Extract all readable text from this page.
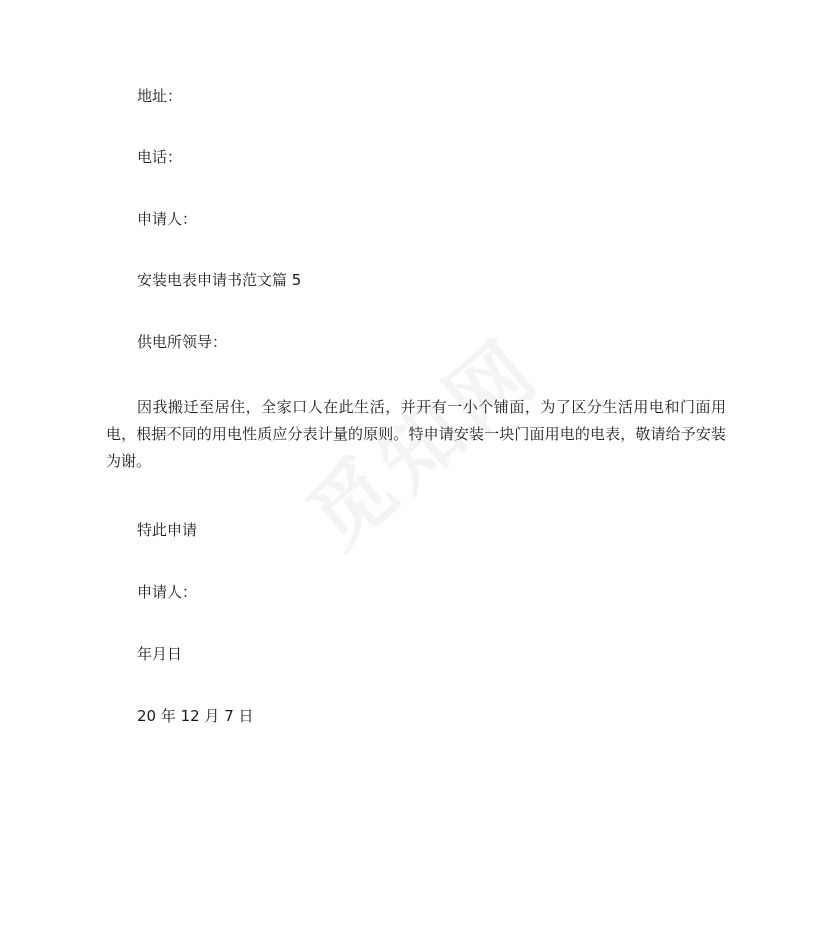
地址：
电话：
申请人：
安装电表申请书范文篇 5
供电所领导：
因我搬迁至居住，全家口人在此生活，并开有一小个铺面，为了区分生活用电和门面用电，根据不同的用电性质应分表计量的原则。特申请安装一块门面用电的电表，敬请给予安装为谢。
特此申请
申请人：
年月日
20 年 12 月 7 日
